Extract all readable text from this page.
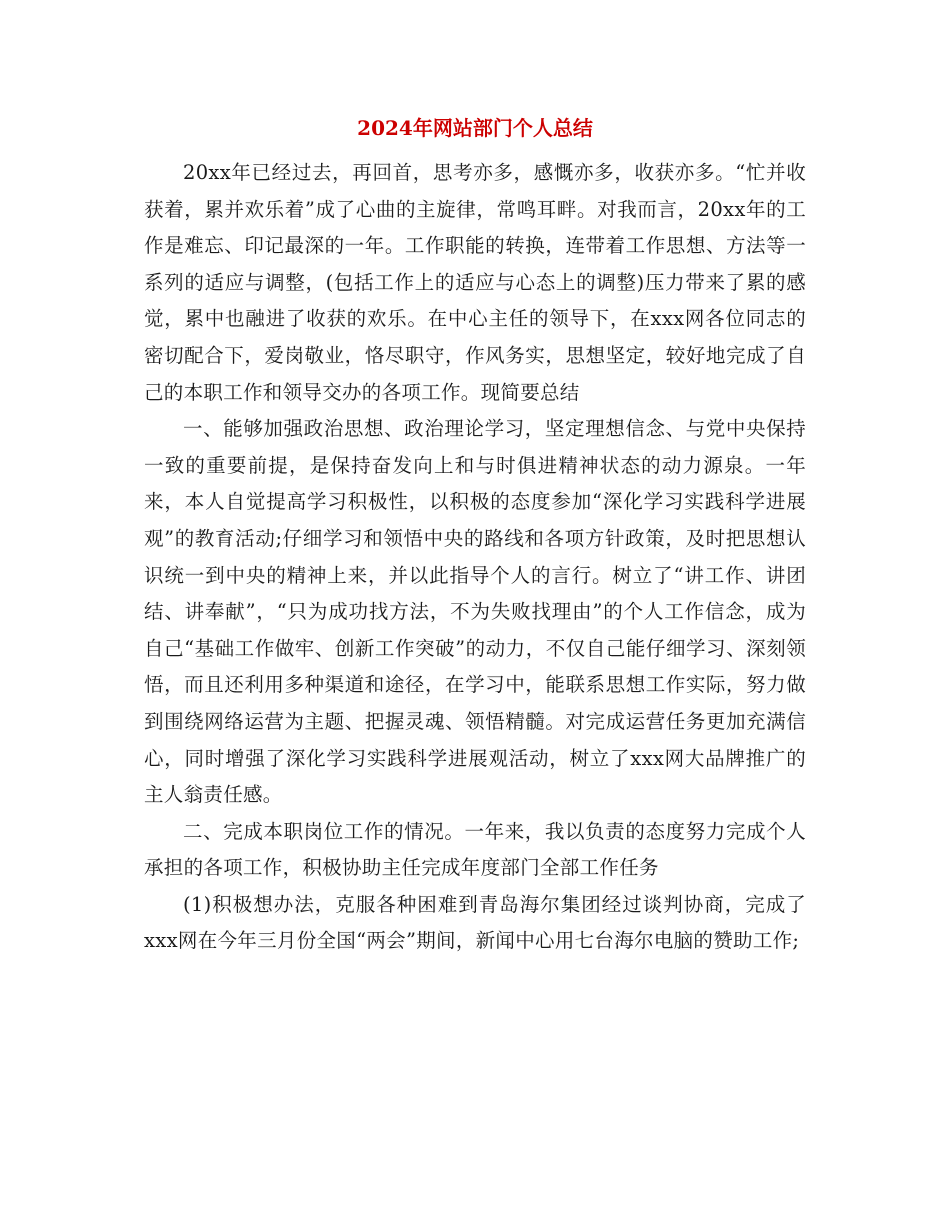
2024年网站部门个人总结

20xx年已经过去，再回首，思考亦多，感慨亦多，收获亦多。“忙并收获着，累并欢乐着”成了心曲的主旋律，常鸣耳畔。对我而言，20xx年的工作是难忘、印记最深的一年。工作职能的转换，连带着工作思想、方法等一系列的适应与调整，(包括工作上的适应与心态上的调整)压力带来了累的感觉，累中也融进了收获的欢乐。在中心主任的领导下，在xxx网各位同志的密切配合下，爱岗敬业，恪尽职守，作风务实，思想坚定，较好地完成了自己的本职工作和领导交办的各项工作。现简要总结

一、能够加强政治思想、政治理论学习，坚定理想信念、与党中央保持一致的重要前提，是保持奋发向上和与时俱进精神状态的动力源泉。一年来，本人自觉提高学习积极性，以积极的态度参加“深化学习实践科学进展观”的教育活动;仔细学习和领悟中央的路线和各项方针政策，及时把思想认识统一到中央的精神上来，并以此指导个人的言行。树立了“讲工作、讲团结、讲奉献”，“只为成功找方法，不为失败找理由”的个人工作信念，成为自己“基础工作做牢、创新工作突破”的动力，不仅自己能仔细学习、深刻领悟，而且还利用多种渠道和途径，在学习中，能联系思想工作实际，努力做到围绕网络运营为主题、把握灵魂、领悟精髓。对完成运营任务更加充满信心，同时增强了深化学习实践科学进展观活动，树立了xxx网大品牌推广的主人翁责任感。

二、完成本职岗位工作的情况。一年来，我以负责的态度努力完成个人承担的各项工作，积极协助主任完成年度部门全部工作任务

(1)积极想办法，克服各种困难到青岛海尔集团经过谈判协商，完成了xxx网在今年三月份全国“两会”期间，新闻中心用七台海尔电脑的赞助工作;
